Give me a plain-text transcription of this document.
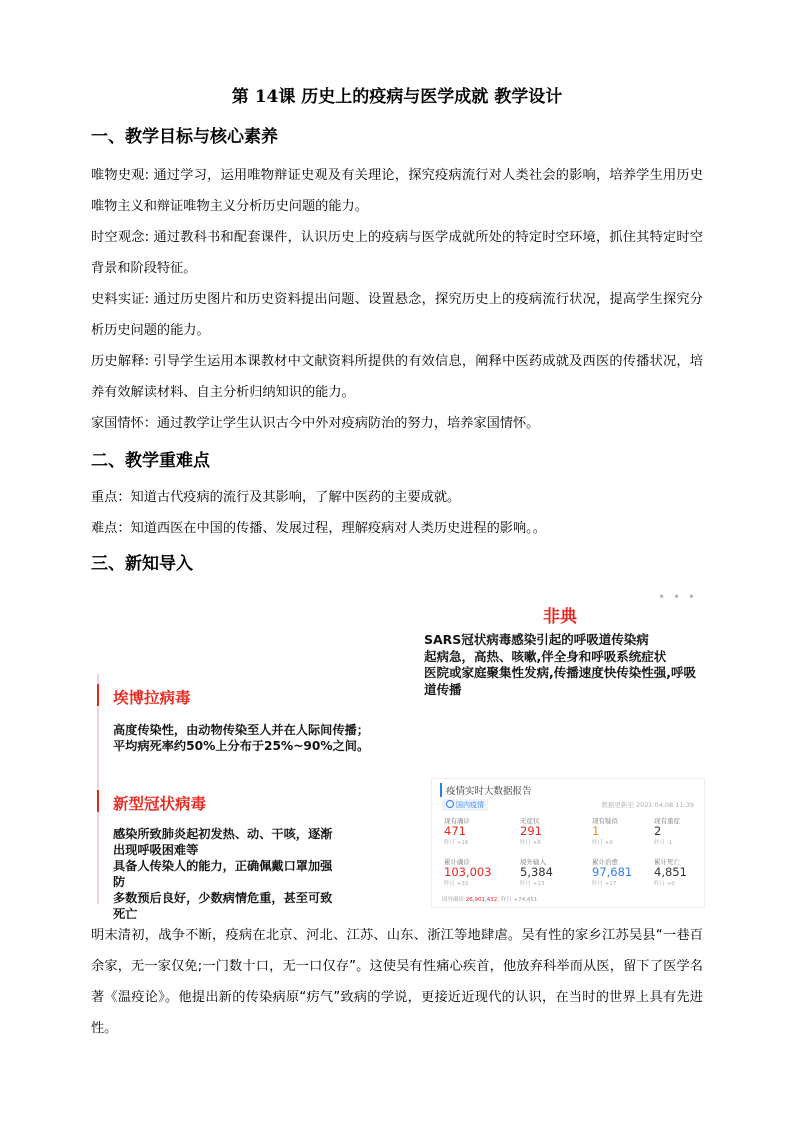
第 14课 历史上的疫病与医学成就 教学设计
一、教学目标与核心素养
唯物史观: 通过学习，运用唯物辩证史观及有关理论，探究疫病流行对人类社会的影响，培养学生用历史唯物主义和辩证唯物主义分析历史问题的能力。
时空观念: 通过教科书和配套课件，认识历史上的疫病与医学成就所处的特定时空环境，抓住其特定时空背景和阶段特征。
史料实证: 通过历史图片和历史资料提出问题、设置悬念，探究历史上的疫病流行状况，提高学生探究分析历史问题的能力。
历史解释: 引导学生运用本课教材中文献资料所提供的有效信息，阐释中医药成就及西医的传播状况，培养有效解读材料、自主分析归纳知识的能力。
家国情怀：通过教学让学生认识古今中外对疫病防治的努力，培养家国情怀。
二、教学重难点
重点：知道古代疫病的流行及其影响，了解中医药的主要成就。
难点：知道西医在中国的传播、发展过程，理解疫病对人类历史进程的影响。。
三、新知导入
• • •
非典
SARS冠状病毒感染引起的呼吸道传染病
起病急，高热、咳嗽,伴全身和呼吸系统症状
医院或家庭聚集性发病,传播速度快传染性强,呼吸道传播
埃博拉病毒
高度传染性，由动物传染至人并在人际间传播；
平均病死率约50%上分布于25%~90%之间。
新型冠状病毒
感染所致肺炎起初发热、动、干咳，逐渐出现呼吸困难等
具备人传染人的能力，正确佩戴口罩加强防
多数预后良好，少数病情危重，甚至可致死亡
疫情实时大数据报告
国内疫情	数据更新至 2021.04.08 11:39
现有确诊
471
昨日 +16
无症状
291
昨日 +6
现有疑似
1
昨日 +0
现有重症
2
昨日 -1
累计确诊
103,003
昨日 +33
境外输入
5,384
昨日 +13
累计治愈
97,681
昨日 +17
累计死亡
4,851
昨日 +0
国外确诊 26,901,432, 昨日 +74,451
明末清初，战争不断，疫病在北京、河北、江苏、山东、浙江等地肆虐。吴有性的家乡江苏吴县“一巷百余家，无一家仅免;一门数十口，无一口仅存”。这使吴有性痛心疾首，他放弃科举而从医，留下了医学名著《温疫论》。他提出新的传染病原“疠气”致病的学说，更接近近现代的认识，在当时的世界上具有先进性。
